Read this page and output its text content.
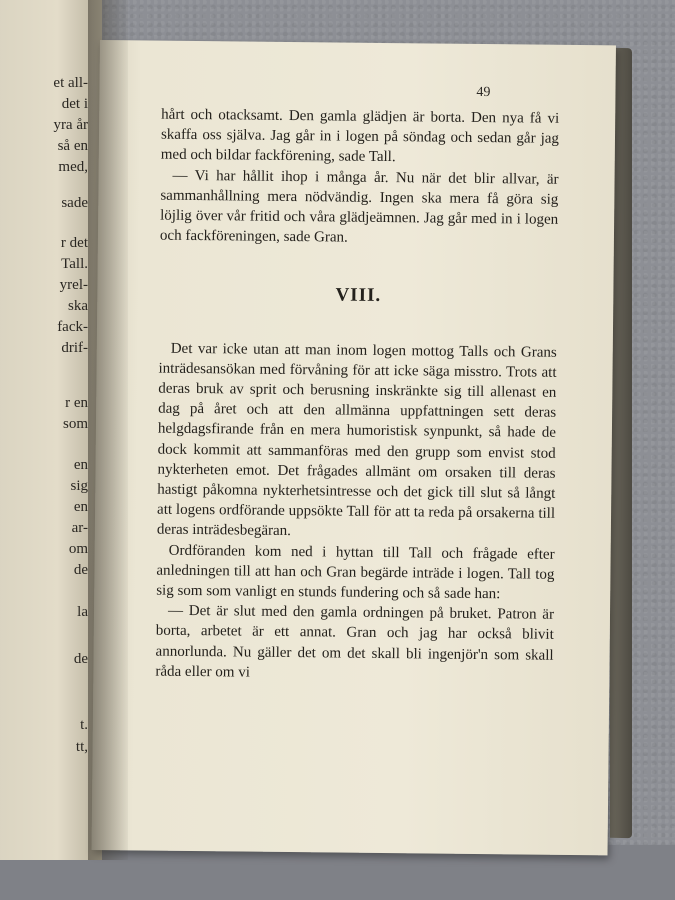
et all-
det i
yra år
så en
med,
sade
r det
Tall.
yrel-
ska
fack-
drif-
r en
som
en
sig
en
ar-
om
de
la
de
t.
tt,
49

hårt och otacksamt. Den gamla glädjen är borta. Den nya få vi skaffa oss själva. Jag går in i logen på söndag och sedan går jag med och bildar fackförening, sade Tall.

— Vi har hållit ihop i många år. Nu när det blir allvar, är sammanhållning mera nödvändig. Ingen ska mera få göra sig löjlig över vår fritid och våra glädjeämnen. Jag går med in i logen och fackföreningen, sade Gran.

VIII.

Det var icke utan att man inom logen mottog Talls och Grans inträdesansökan med förvåning för att icke säga misstro. Trots att deras bruk av sprit och berusning inskränkte sig till allenast en dag på året och att den allmänna uppfattningen sett deras helgdagsfirande från en mera humoristisk synpunkt, så hade de dock kommit att sammanföras med den grupp som envist stod nykterheten emot. Det frågades allmänt om orsaken till deras hastigt påkomna nykterhetsintresse och det gick till slut så långt att logens ordförande uppsökte Tall för att ta reda på orsakerna till deras inträdesbegäran.

Ordföranden kom ned i hyttan till Tall och frågade efter anledningen till att han och Gran begärde inträde i logen. Tall tog sig som som vanligt en stunds fundering och så sade han:

— Det är slut med den gamla ordningen på bruket. Patron är borta, arbetet är ett annat. Gran och jag har också blivit annorlunda. Nu gäller det om det skall bli ingenjör'n som skall råda eller om vi
